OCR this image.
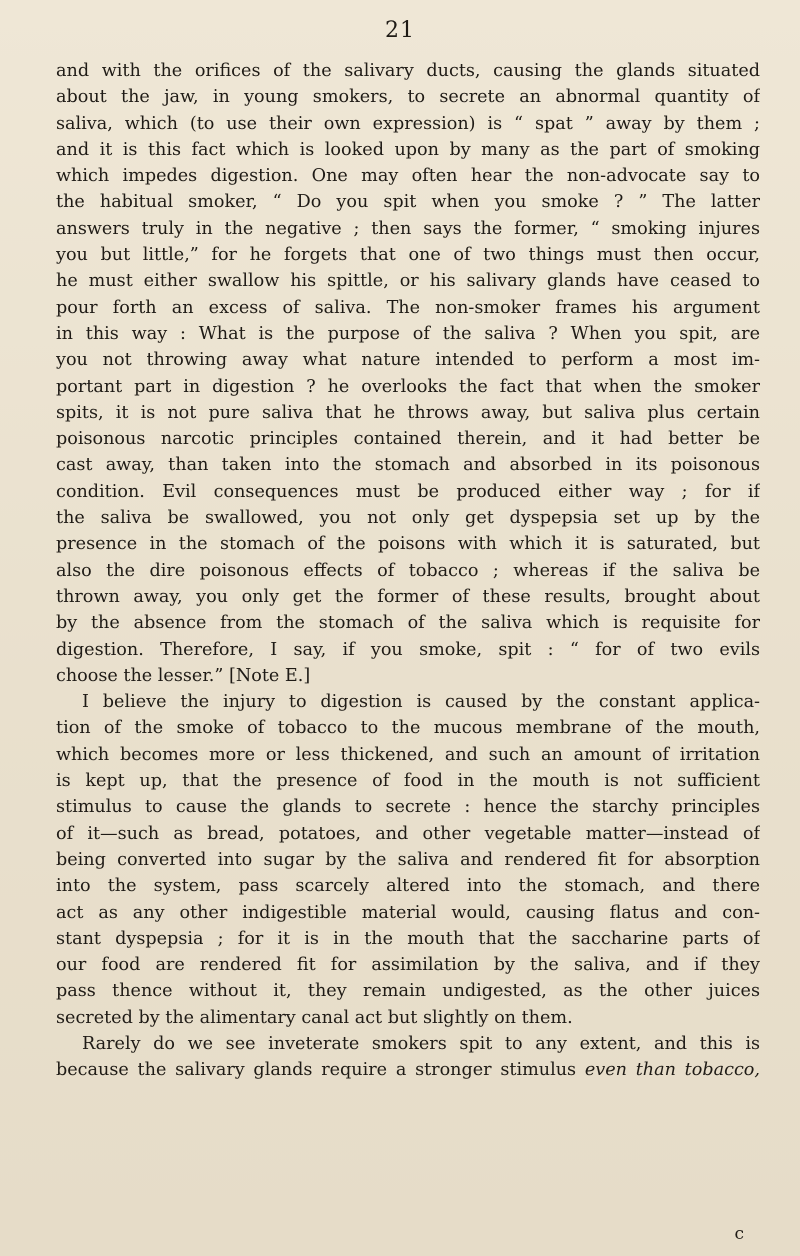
21
and with the orifices of the salivary ducts, causing the glands situated
about the jaw, in young smokers, to secrete an abnormal quantity of
saliva, which (to use their own expression) is “ spat ” away by them ;
and it is this fact which is looked upon by many as the part of smoking
which impedes digestion. One may often hear the non-advocate say to
the habitual smoker, “ Do you spit when you smoke ? ” The latter
answers truly in the negative ; then says the former, “ smoking injures
you but little,” for he forgets that one of two things must then occur,
he must either swallow his spittle, or his salivary glands have ceased to
pour forth an excess of saliva. The non-smoker frames his argument
in this way : What is the purpose of the saliva ? When you spit, are
you not throwing away what nature intended to perform a most im-
portant part in digestion ? he overlooks the fact that when the smoker
spits, it is not pure saliva that he throws away, but saliva plus certain
poisonous narcotic principles contained therein, and it had better be
cast away, than taken into the stomach and absorbed in its poisonous
condition. Evil consequences must be produced either way ; for if
the saliva be swallowed, you not only get dyspepsia set up by the
presence in the stomach of the poisons with which it is saturated, but
also the dire poisonous effects of tobacco ; whereas if the saliva be
thrown away, you only get the former of these results, brought about
by the absence from the stomach of the saliva which is requisite for
digestion. Therefore, I say, if you smoke, spit : “ for of two evils
choose the lesser.” [Note E.]
I believe the injury to digestion is caused by the constant applica-
tion of the smoke of tobacco to the mucous membrane of the mouth,
which becomes more or less thickened, and such an amount of irritation
is kept up, that the presence of food in the mouth is not sufficient
stimulus to cause the glands to secrete : hence the starchy principles
of it—such as bread, potatoes, and other vegetable matter—instead of
being converted into sugar by the saliva and rendered fit for absorption
into the system, pass scarcely altered into the stomach, and there
act as any other indigestible material would, causing flatus and con-
stant dyspepsia ; for it is in the mouth that the saccharine parts of
our food are rendered fit for assimilation by the saliva, and if they
pass thence without it, they remain undigested, as the other juices
secreted by the alimentary canal act but slightly on them.
Rarely do we see inveterate smokers spit to any extent, and this is
because the salivary glands require a stronger stimulus even than tobacco,
c
